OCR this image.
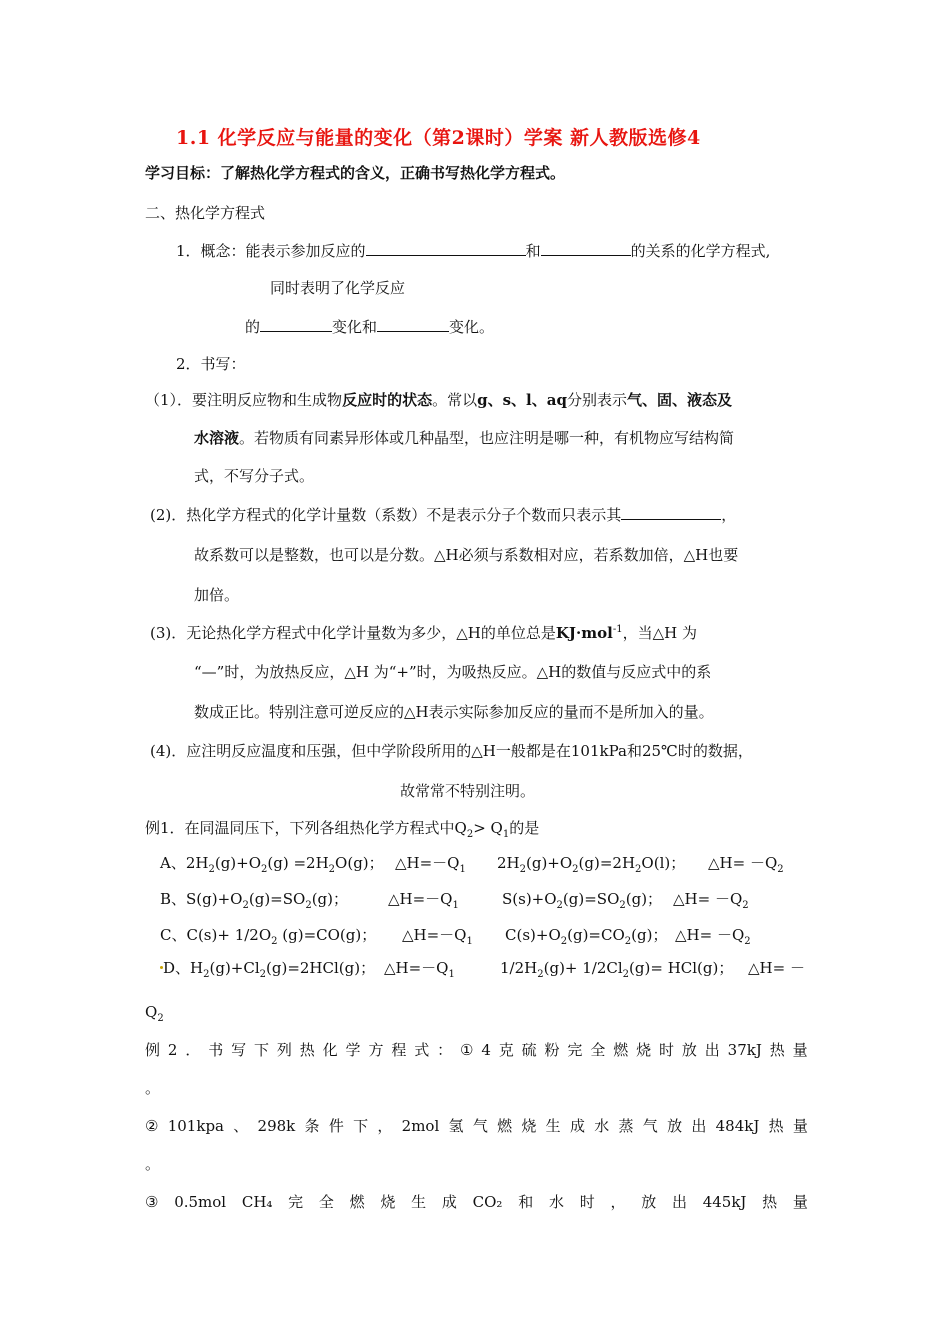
1.1 化学反应与能量的变化（第2课时）学案 新人教版选修4
学习目标：了解热化学方程式的含义，正确书写热化学方程式。
二、热化学方程式
1．概念：能表示参加反应的	和	的关系的化学方程式,
同时表明了化学反应
的	变化和	变化。
2．书写：
（1）．要注明反应物和生成物反应时的状态。常以g、s、l、aq分别表示气、固、液态及
水溶液。若物质有同素异形体或几种晶型，也应注明是哪一种，有机物应写结构简
式，不写分子式。
(2)．热化学方程式的化学计量数（系数）不是表示分子个数而只表示其	，
故系数可以是整数，也可以是分数。△H必须与系数相对应，若系数加倍，△H也要
加倍。
(3)．无论热化学方程式中化学计量数为多少，△H的单位总是KJ·mol$^{-1}$，当△H 为
“—”时，为放热反应，△H 为“+”时，为吸热反应。△H的数值与反应式中的系
数成正比。特别注意可逆反应的△H表示实际参加反应的量而不是所加入的量。
(4)．应注明反应温度和压强，但中学阶段所用的△H一般都是在101kPa和25℃时的数据，
故常常不特别注明。
例1．在同温同压下，下列各组热化学方程式中$Q_2> Q_1$的是
A、$2H_2(g)+O_2(g) =2H_2O(g)$； $\triangle H=-Q_1$ $2H_2(g)+O_2(g)=2H_2O(l)$； △H= $-Q_2$
B、$S(g)+O_2(g)=SO_2(g)$；	$\triangle H=-Q_1$	$S(s)+O_2(g)=SO_2(g)$； △H= $-Q_2$
C、$C(s)+ 1/2O_2$ (g)=CO(g)； $\triangle H=-Q_1$ $C(s)+O_2(g)=CO_2(g)$； △H= $-Q_2$
D、$H_2(g)+Cl_2(g)=2HCl(g)$； $\triangle H=-Q_1$	$1/2H_2(g)+ 1/2Cl_2(g)= HCl(g)$； △H= －
$Q_2$
例 2 ． 书 写 下 列 热 化 学 方 程 式 ： ① 4 克 硫 粉 完 全 燃 烧 时 放 出 37kJ 热 量
。
② 101kpa 、 298k 条 件 下 ， 2mol 氢 气 燃 烧 生 成 水 蒸 气 放 出 484kJ 热 量
。
③ 0.5mol CH₄ 完 全 燃 烧 生 成 CO₂ 和 水 时 ， 放 出 445kJ 热 量
